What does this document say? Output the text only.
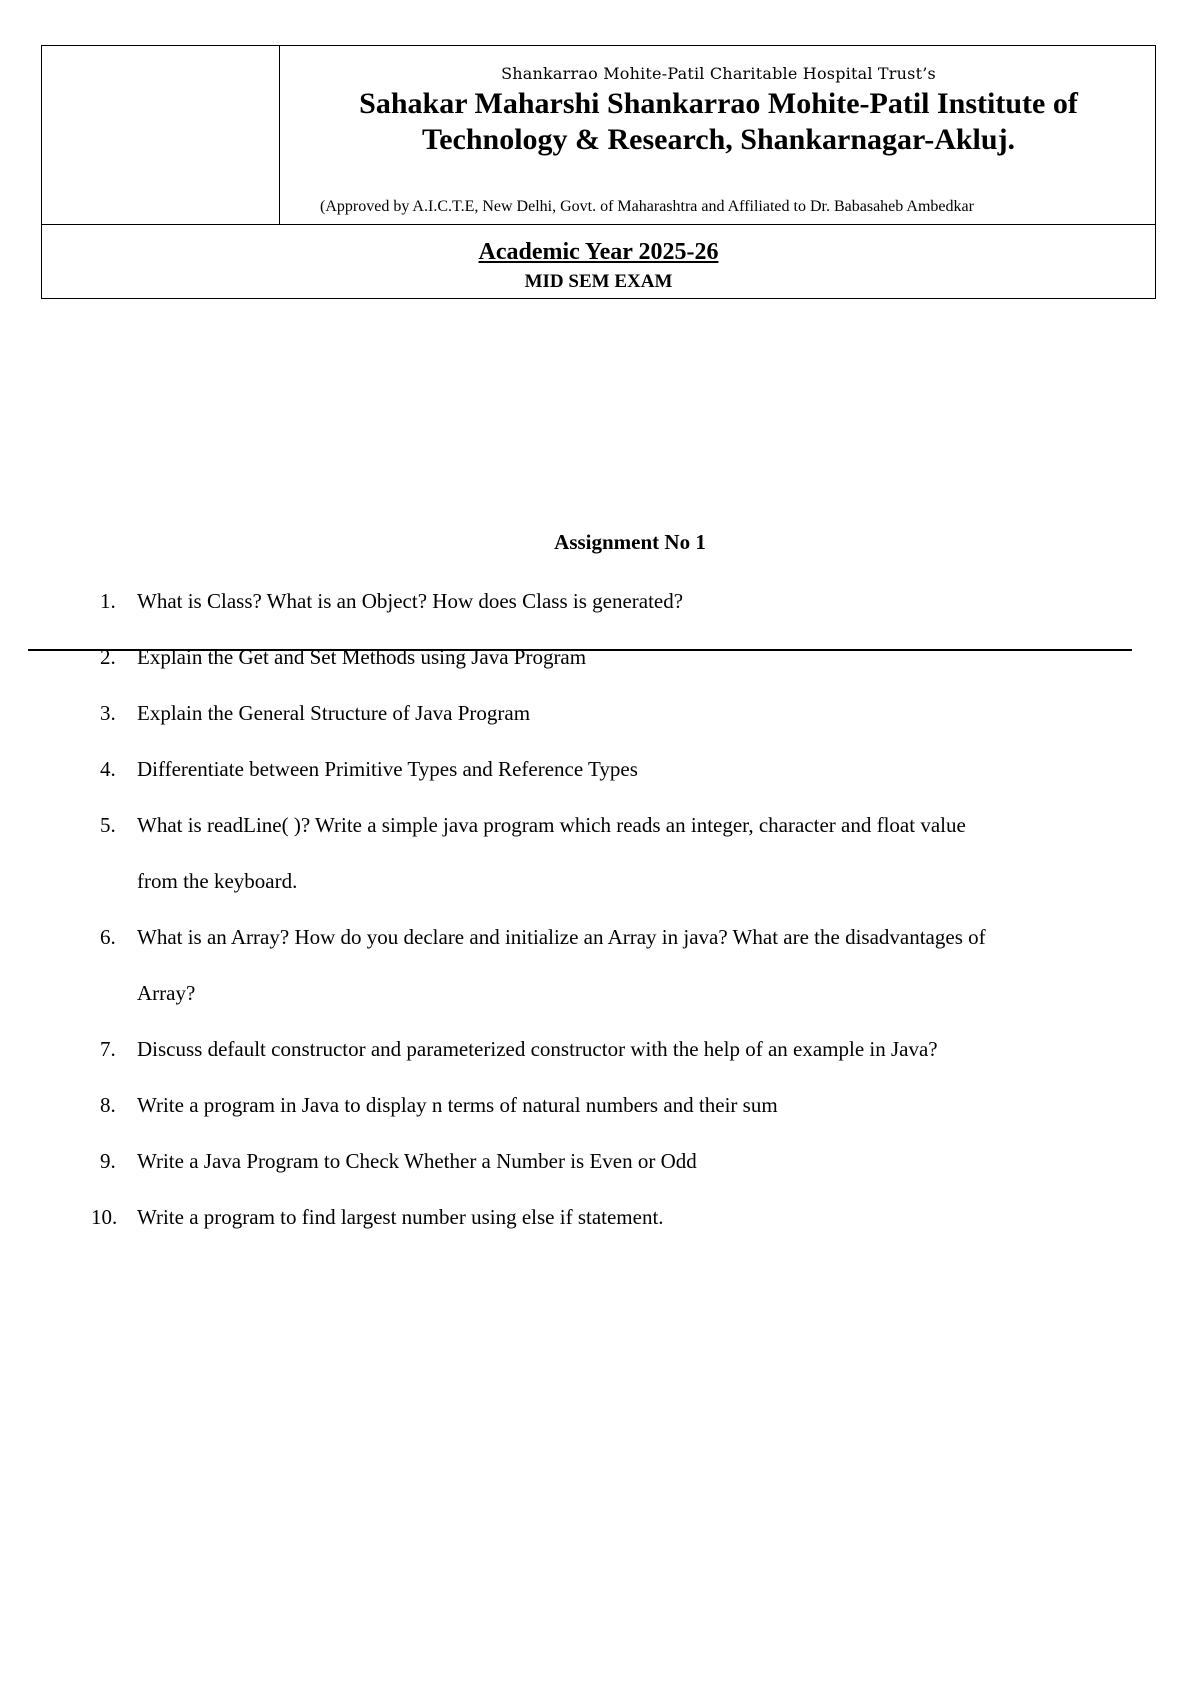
Shankarrao Mohite-Patil Charitable Hospital Trust’s
Sahakar Maharshi Shankarrao Mohite-Patil Institute of
Technology & Research, Shankarnagar-Akluj.
(Approved by A.I.C.T.E, New Delhi, Govt. of Maharashtra and Affiliated to Dr. Babasaheb Ambedkar
Academic Year 2025-26
MID SEM EXAM
Assignment No 1
1. What is Class? What is an Object? How does Class is generated?
2. Explain the Get and Set Methods using Java Program
3. Explain the General Structure of Java Program
4. Differentiate between Primitive Types and Reference Types
5. What is readLine( )? Write a simple java program which reads an integer, character and float value
from the keyboard.
6. What is an Array? How do you declare and initialize an Array in java? What are the disadvantages of
Array?
7. Discuss default constructor and parameterized constructor with the help of an example in Java?
8. Write a program in Java to display n terms of natural numbers and their sum
9. Write a Java Program to Check Whether a Number is Even or Odd
10. Write a program to find largest number using else if statement.
